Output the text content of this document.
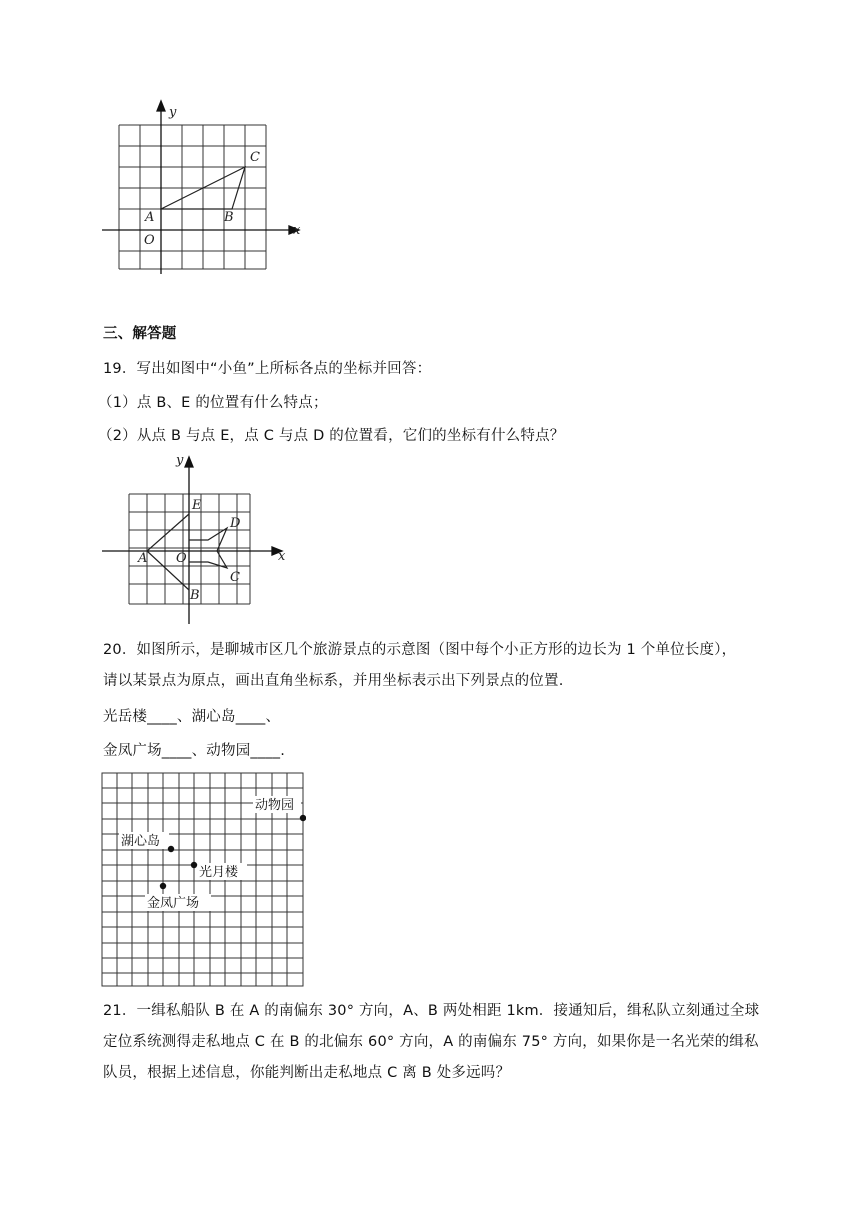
y
x
O
A	B
C
三、解答题
19．写出如图中“小鱼”上所标各点的坐标并回答：
（1）点 B、E 的位置有什么特点；
（2）从点 B 与点 E，点 C 与点 D 的位置看，它们的坐标有什么特点？
y
x
O
A
B
C
D
E
20．如图所示，是聊城市区几个旅游景点的示意图（图中每个小正方形的边长为 1 个单位长度），
请以某景点为原点，画出直角坐标系，并用坐标表示出下列景点的位置.
光岳楼____、湖心岛____、
金凤广场____、动物园____.
动物园
湖心岛
光月楼
金凤广场
21．一缉私船队 B 在 A 的南偏东 30° 方向，A、B 两处相距 1km．接通知后，缉私队立刻通过全球定位系统测得走私地点 C 在 B 的北偏东 60° 方向，A 的南偏东 75° 方向，如果你是一名光荣的缉私队员，根据上述信息，你能判断出走私地点 C 离 B 处多远吗？
